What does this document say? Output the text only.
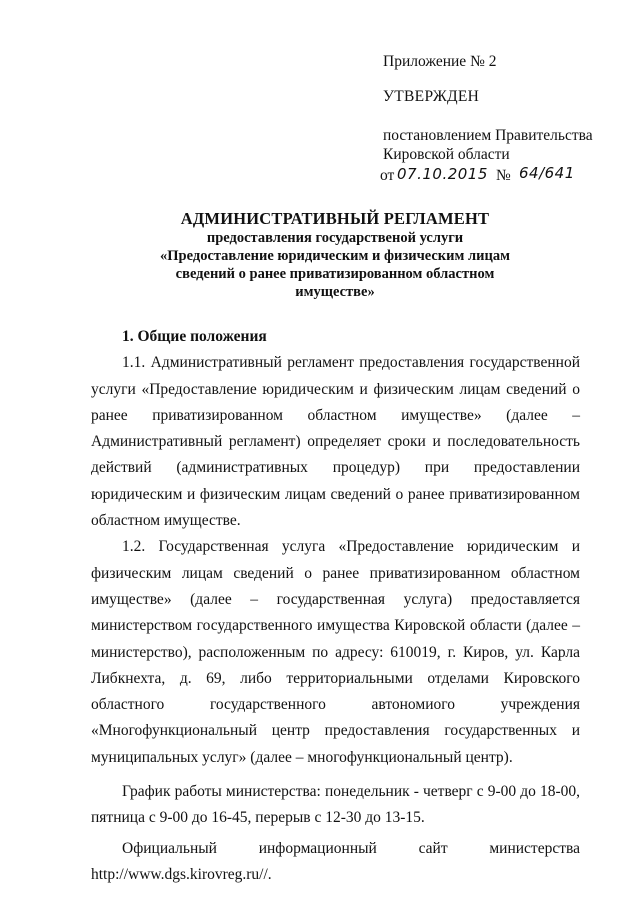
Приложение № 2
УТВЕРЖДЕН
постановлением Правительства
Кировской области
от 07.10.2015 № 64/641
АДМИНИСТРАТИВНЫЙ РЕГЛАМЕНТ
предоставления государственой услуги
«Предоставление юридическим и физическим лицам
сведений о ранее приватизированном областном
имуществе»
1. Общие положения

1.1. Административный регламент предоставления государственной услуги «Предоставление юридическим и физическим лицам сведений о ранее приватизированном областном имуществе» (далее – Административный регламент) определяет сроки и последовательность действий (административных процедур) при предоставлении юридическим и физическим лицам сведений о ранее приватизированном областном имуществе.

1.2. Государственная услуга «Предоставление юридическим и физическим лицам сведений о ранее приватизированном областном имуществе» (далее – государственная услуга) предоставляется министерством государственного имущества Кировской области (далее – министерство), расположенным по адресу: 610019, г. Киров, ул. Карла Либкнехта, д. 69, либо территориальными отделами Кировского областного государственного автономиого учреждения «Многофункциональный центр предоставления государственных и муниципальных услуг» (далее – многофункциональный центр).

График работы министерства: понедельник - четверг с 9-00 до 18-00, пятница с 9-00 до 16-45, перерыв с 12-30 до 13-15.

Официальный	информационный	сайт	министерства

http://www.dgs.kirovreg.ru//.
